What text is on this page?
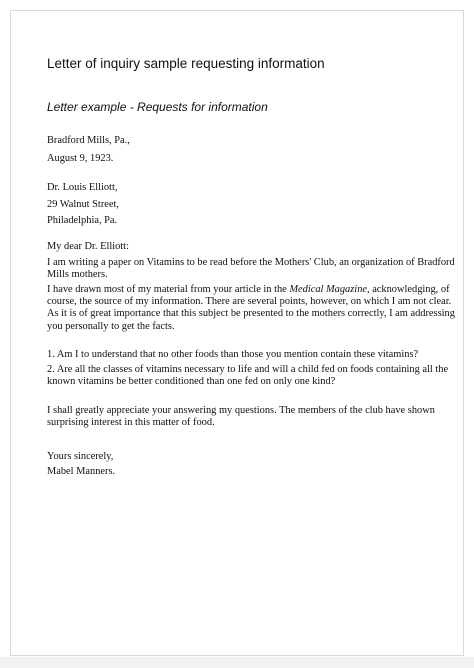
Letter of inquiry sample requesting information
Letter example - Requests for information
Bradford Mills, Pa.,
August 9, 1923.
Dr. Louis Elliott,
29 Walnut Street,
Philadelphia, Pa.
My dear Dr. Elliott:
I am writing a paper on Vitamins to be read before the Mothers' Club, an organization of Bradford
Mills mothers.
I have drawn most of my material from your article in the Medical Magazine, acknowledging, of
course, the source of my information. There are several points, however, on which I am not clear.
As it is of great importance that this subject be presented to the mothers correctly, I am addressing
you personally to get the facts.
1. Am I to understand that no other foods than those you mention contain these vitamins?
2. Are all the classes of vitamins necessary to life and will a child fed on foods containing all the
known vitamins be better conditioned than one fed on only one kind?
I shall greatly appreciate your answering my questions. The members of the club have shown
surprising interest in this matter of food.
Yours sincerely,
Mabel Manners.
